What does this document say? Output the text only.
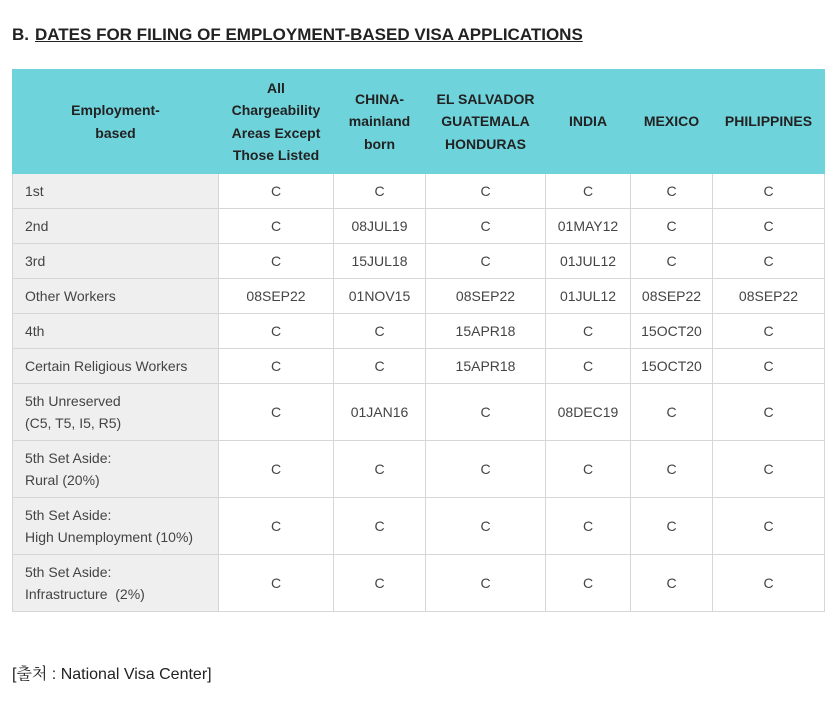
B. DATES FOR FILING OF EMPLOYMENT-BASED VISA APPLICATIONS
Employment-
based	All
Chargeability
Areas Except
Those Listed	CHINA-
mainland
born	EL SALVADOR
GUATEMALA
HONDURAS	INDIA	MEXICO	PHILIPPINES

1st	C	C	C	C	C	C

2nd	C	08JUL19	C	01MAY12	C	C

3rd	C	15JUL18	C	01JUL12	C	C

Other Workers	08SEP22	01NOV15	08SEP22	01JUL12	08SEP22	08SEP22

4th	C	C	15APR18	C	15OCT20	C

Certain Religious Workers	C	C	15APR18	C	15OCT20	C

5th Unreserved
(C5, T5, I5, R5)	C	01JAN16	C	08DEC19	C	C

5th Set Aside:
Rural (20%)	C	C	C	C	C	C

5th Set Aside:
High Unemployment (10%)	C	C	C	C	C	C

5th Set Aside:
Infrastructure  (2%)	C	C	C	C	C	C
[출처 : National Visa Center]
